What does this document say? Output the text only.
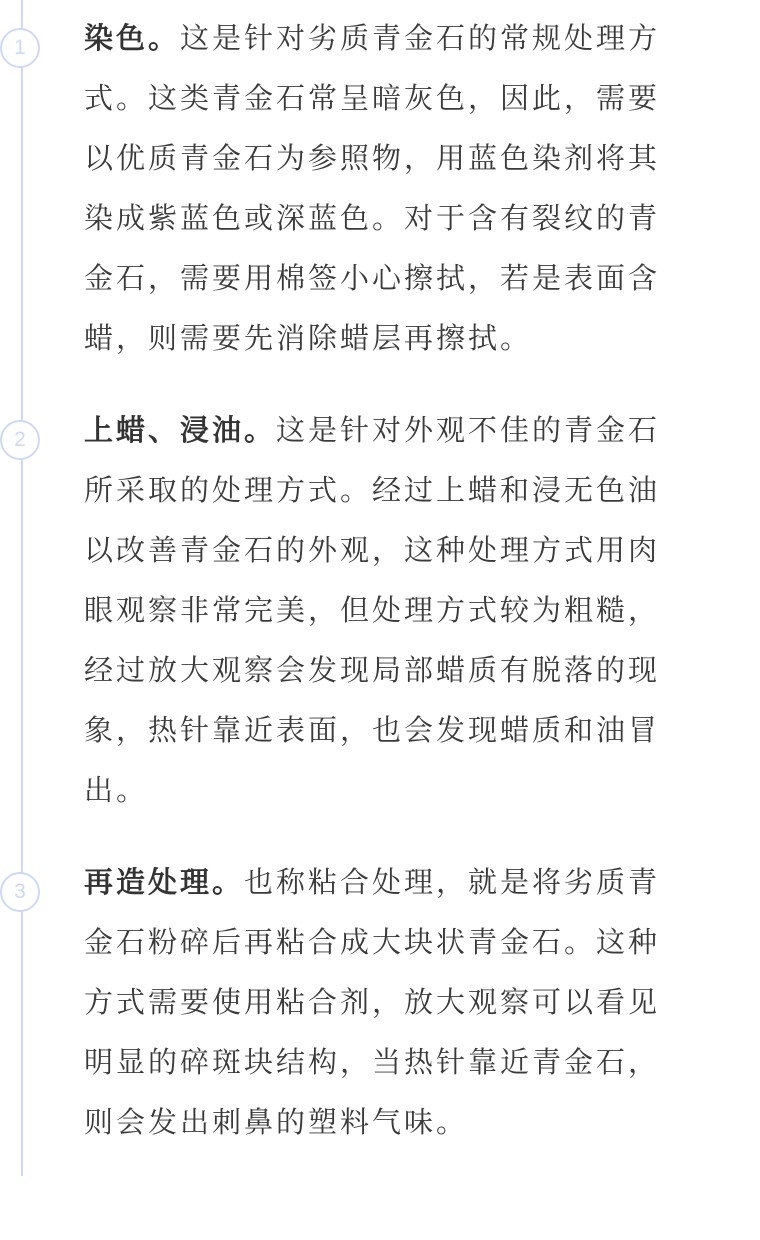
1	染色。这是针对劣质青金石的常规处理方式。这类青金石常呈暗灰色，因此，需要以优质青金石为参照物，用蓝色染剂将其染成紫蓝色或深蓝色。对于含有裂纹的青金石，需要用棉签小心擦拭，若是表面含蜡，则需要先消除蜡层再擦拭。

2	上蜡、浸油。这是针对外观不佳的青金石所采取的处理方式。经过上蜡和浸无色油以改善青金石的外观，这种处理方式用肉眼观察非常完美，但处理方式较为粗糙，经过放大观察会发现局部蜡质有脱落的现象，热针靠近表面，也会发现蜡质和油冒出。

3	再造处理。也称粘合处理，就是将劣质青金石粉碎后再粘合成大块状青金石。这种方式需要使用粘合剂，放大观察可以看见明显的碎斑块结构，当热针靠近青金石，则会发出刺鼻的塑料气味。
